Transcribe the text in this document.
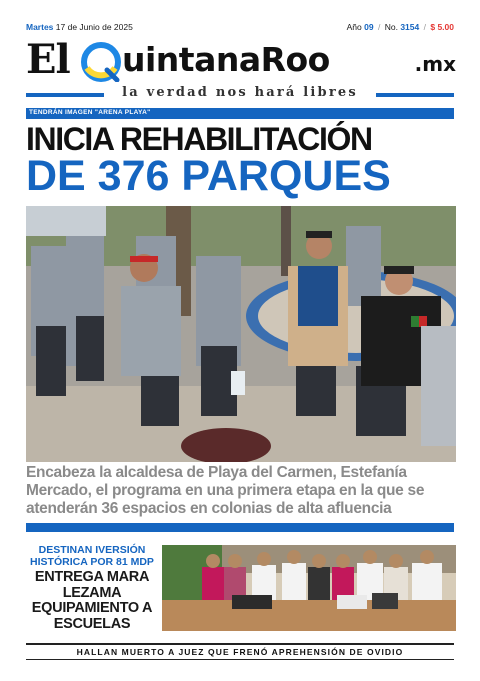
Martes 17 de Junio de 2025	Año 09 / No. 3154 / $ 5.00
El uintanaRoo	.mx
la verdad nos hará libres
TENDRÁN IMAGEN "ARENA PLAYA"
INICIA REHABILITACIÓN
DE 376 PARQUES
Encabeza la alcaldesa de Playa del Carmen, Estefanía Mercado, el programa en una primera etapa en la que se atenderán 36 espacios en colonias de alta afluencia
DESTINAN IVERSIÓN HISTÓRICA POR 81 MDP
ENTREGA MARA LEZAMA EQUIPAMIENTO A ESCUELAS
HALLAN MUERTO A JUEZ QUE FRENÓ APREHENSIÓN DE OVIDIO
